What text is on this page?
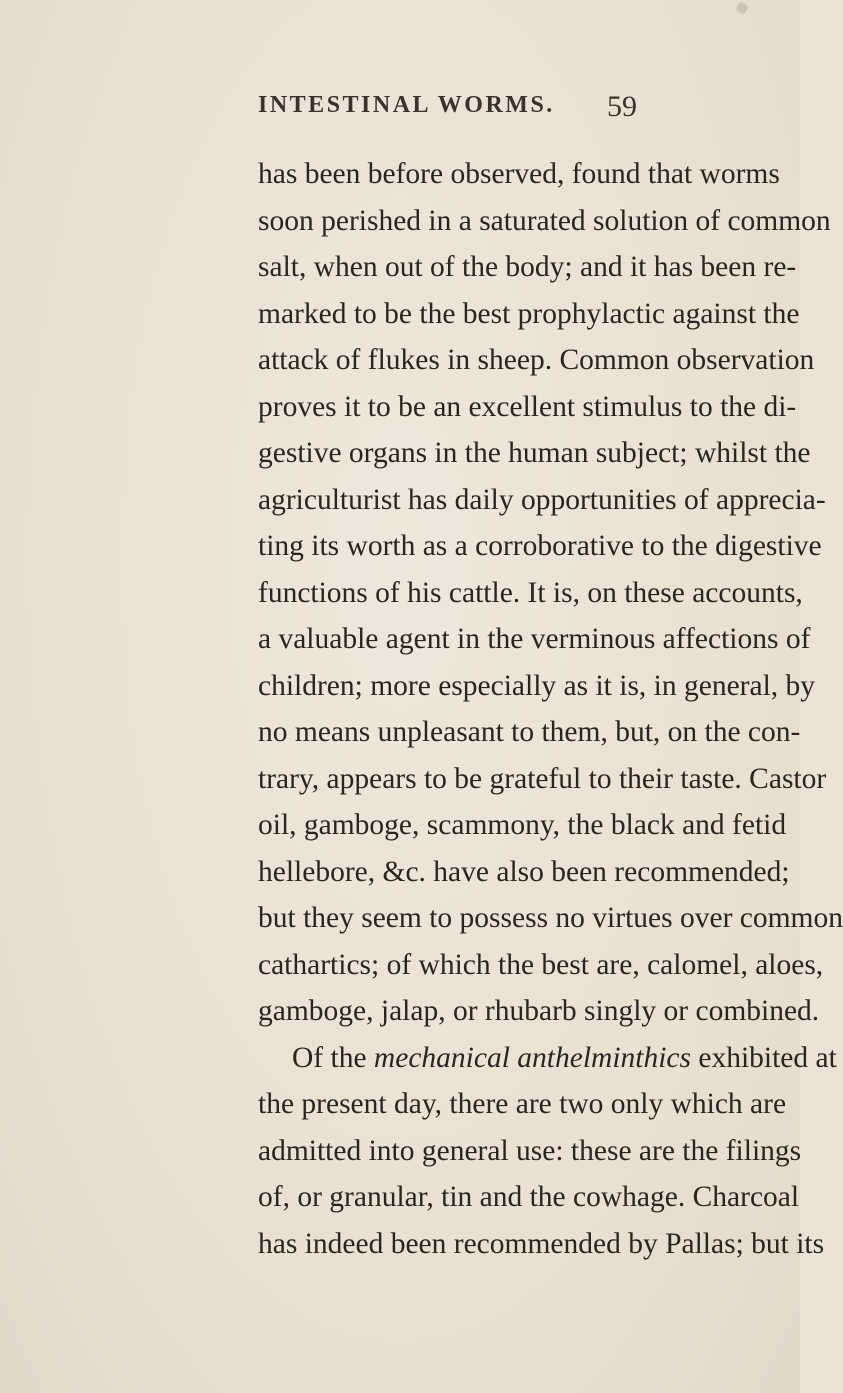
INTESTINAL WORMS. 59
has been before observed, found that worms
soon perished in a saturated solution of common
salt, when out of the body; and it has been re-
marked to be the best prophylactic against the
attack of flukes in sheep. Common observation
proves it to be an excellent stimulus to the di-
gestive organs in the human subject; whilst the
agriculturist has daily opportunities of apprecia-
ting its worth as a corroborative to the digestive
functions of his cattle. It is, on these accounts,
a valuable agent in the verminous affections of
children; more especially as it is, in general, by
no means unpleasant to them, but, on the con-
trary, appears to be grateful to their taste. Castor
oil, gamboge, scammony, the black and fetid
hellebore, &c. have also been recommended;
but they seem to possess no virtues over common
cathartics; of which the best are, calomel, aloes,
gamboge, jalap, or rhubarb singly or combined.
Of the mechanical anthelminthics exhibited at
the present day, there are two only which are
admitted into general use: these are the filings
of, or granular, tin and the cowhage. Charcoal
has indeed been recommended by Pallas; but its
